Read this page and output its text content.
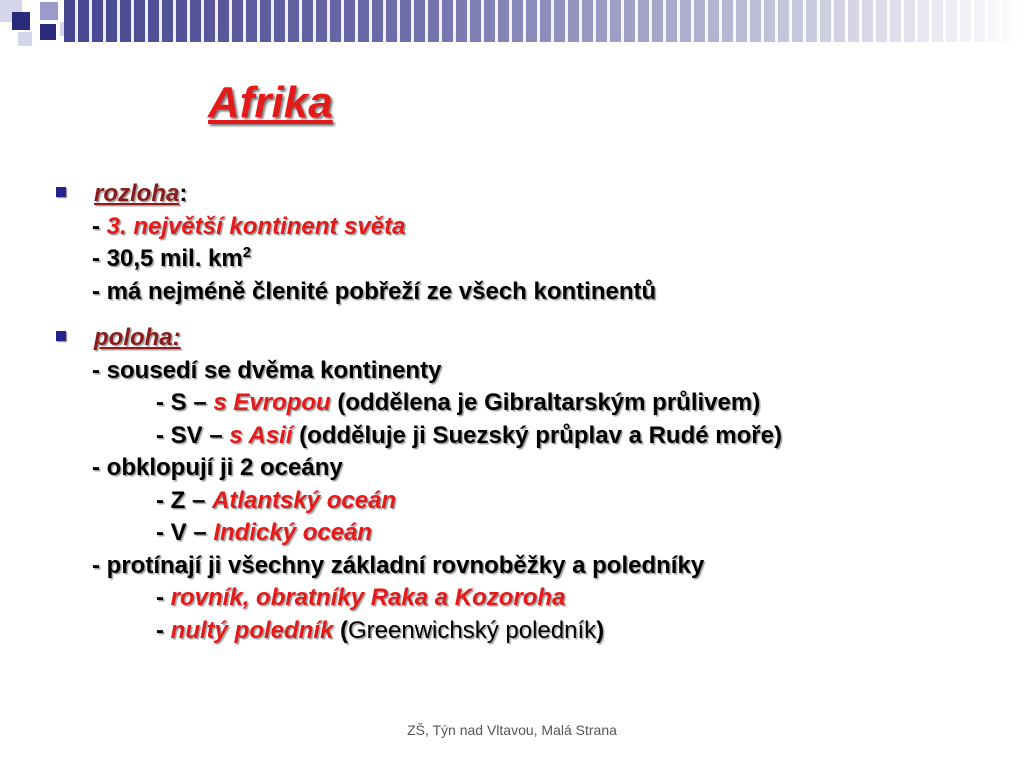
Afrika
rozloha:
- 3. největší kontinent světa
- 30,5 mil. $km^2$
- má nejméně členité pobřeží ze všech kontinentů
poloha:
- sousedí se dvěma kontinenty
- S – s Evropou (oddělena je Gibraltarským průlivem)
- SV – s Asií (odděluje ji Suezský průplav a Rudé moře)
- obklopují ji 2 oceány
- Z – Atlantský oceán
- V – Indický oceán
- protínají ji všechny základní rovnoběžky a poledníky
- rovník, obratníky Raka a Kozoroha
- nultý poledník (Greenwichský poledník)
ZŠ, Týn nad Vltavou, Malá Strana
